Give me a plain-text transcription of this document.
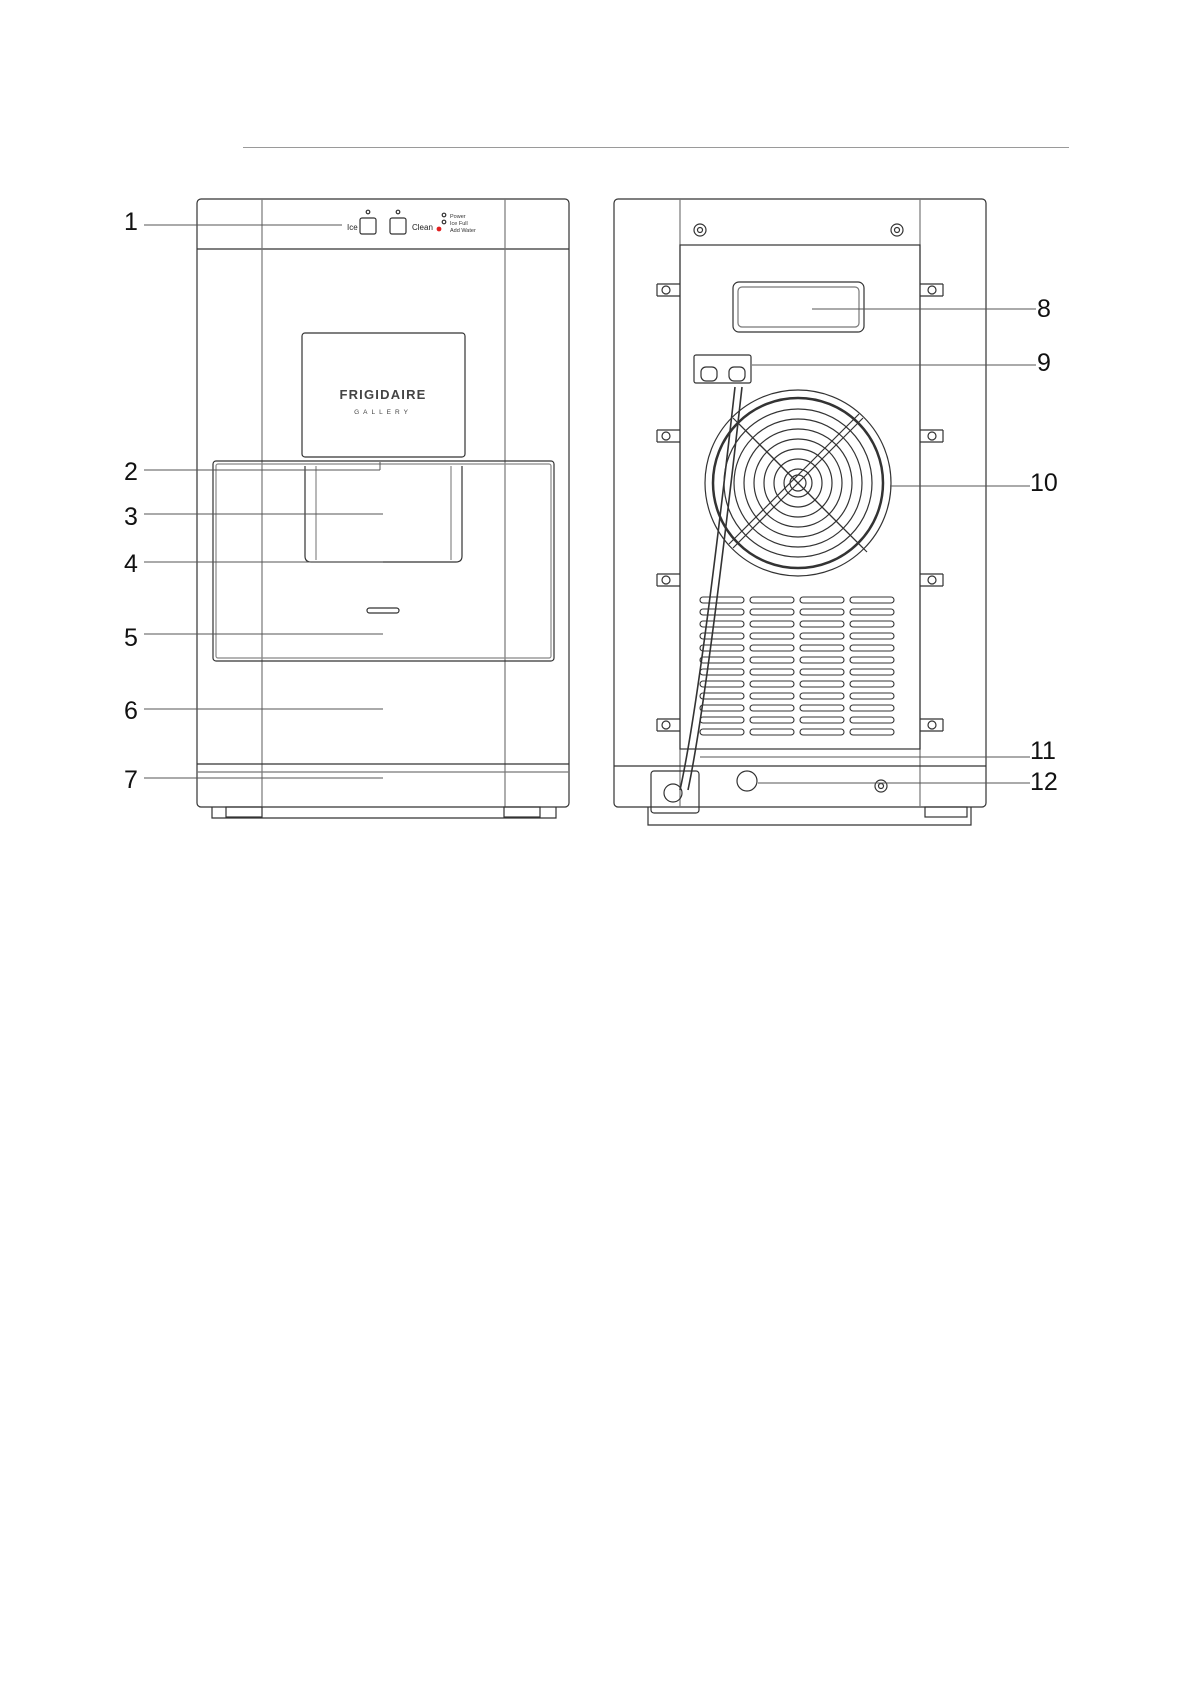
1
2
3
4
5
6
7
8
9
10
11
12
Ice	Clean
Power
Ice Full
Add Water
FRIGIDAIRE
GALLERY
